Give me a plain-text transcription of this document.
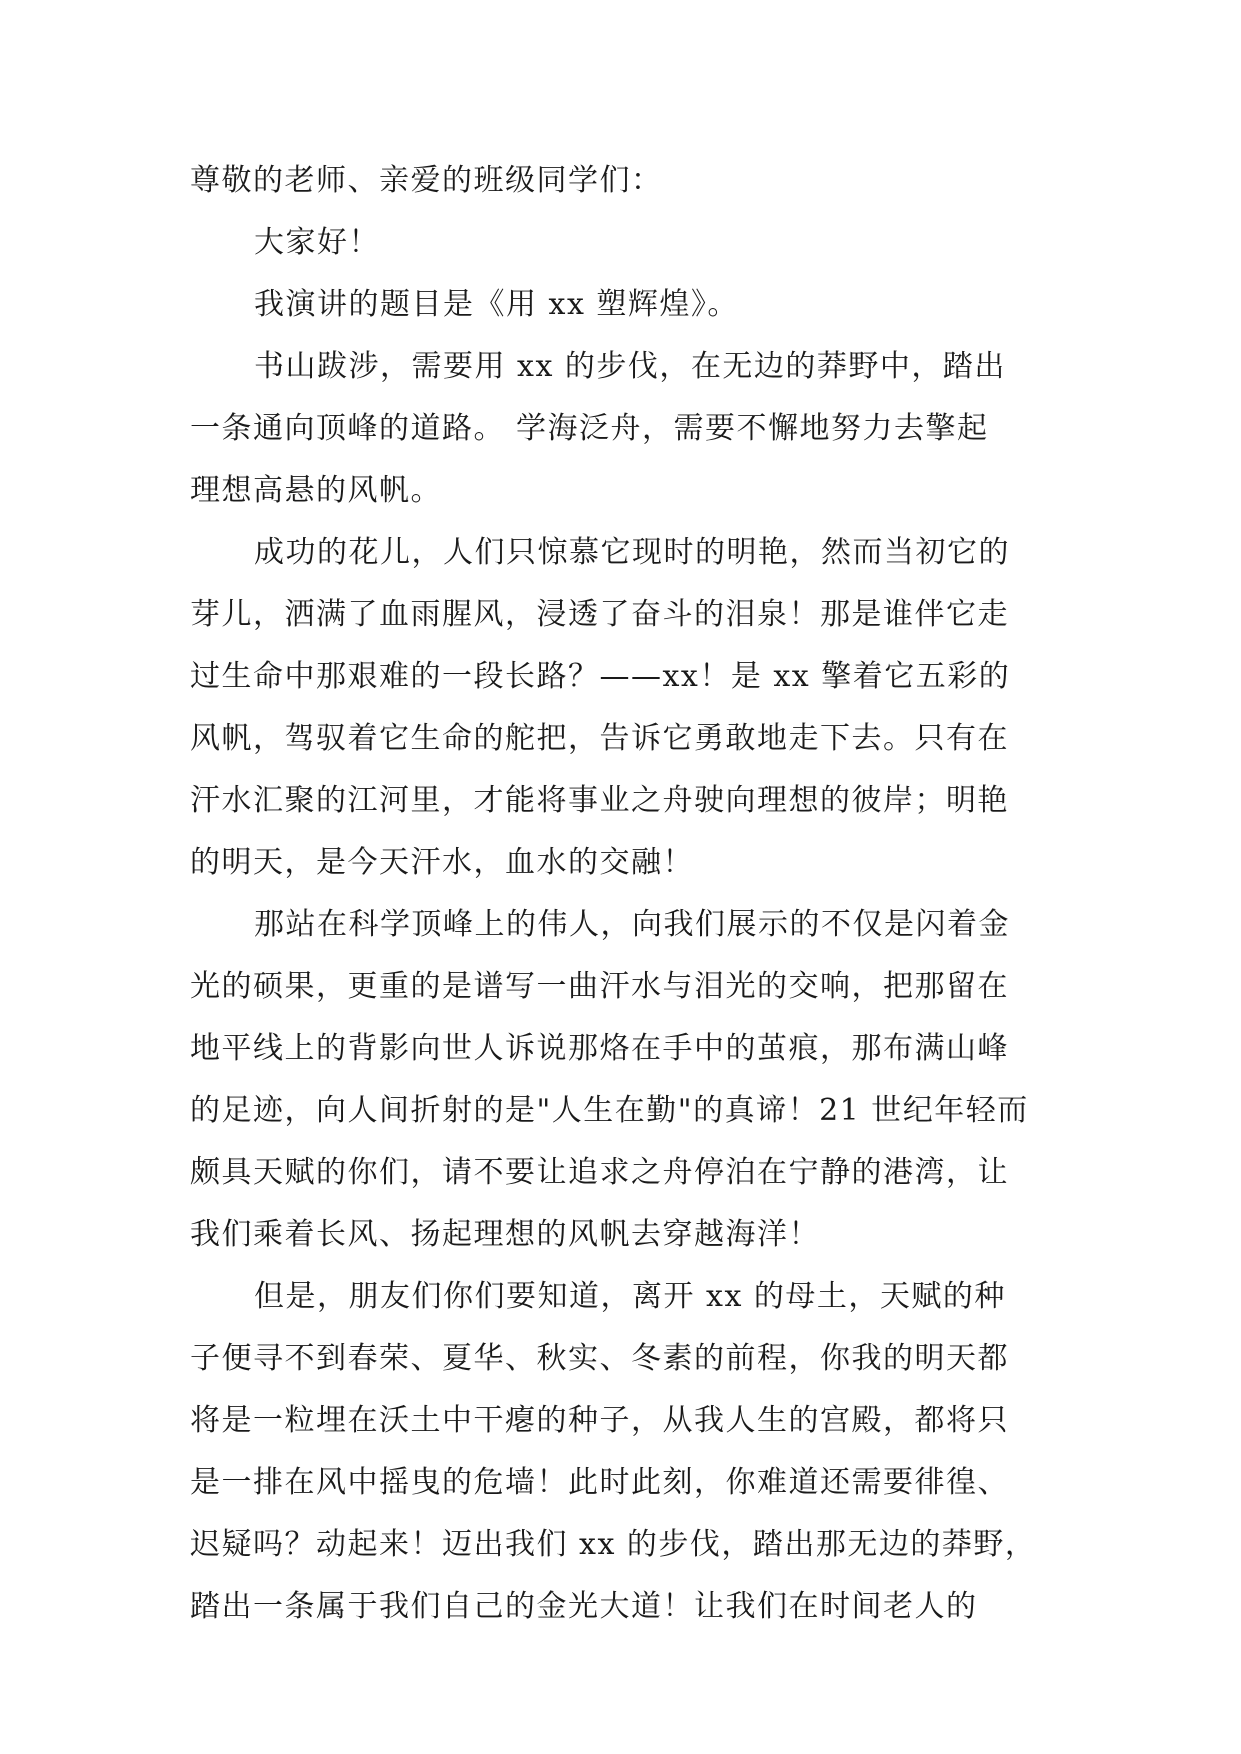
尊敬的老师、亲爱的班级同学们：
大家好！
我演讲的题目是《用 xx 塑辉煌》。
书山跋涉，需要用 xx 的步伐，在无边的莽野中，踏出
一条通向顶峰的道路。 学海泛舟，需要不懈地努力去擎起
理想高悬的风帆。
成功的花儿，人们只惊慕它现时的明艳，然而当初它的
芽儿，洒满了血雨腥风，浸透了奋斗的泪泉！那是谁伴它走
过生命中那艰难的一段长路？——xx！是 xx 擎着它五彩的
风帆，驾驭着它生命的舵把，告诉它勇敢地走下去。只有在
汗水汇聚的江河里，才能将事业之舟驶向理想的彼岸；明艳
的明天，是今天汗水，血水的交融！
那站在科学顶峰上的伟人，向我们展示的不仅是闪着金
光的硕果，更重的是谱写一曲汗水与泪光的交响，把那留在
地平线上的背影向世人诉说那烙在手中的茧痕，那布满山峰
的足迹，向人间折射的是"人生在勤"的真谛！21 世纪年轻而
颇具天赋的你们，请不要让追求之舟停泊在宁静的港湾，让
我们乘着长风、扬起理想的风帆去穿越海洋！
但是，朋友们你们要知道，离开 xx 的母土，天赋的种
子便寻不到春荣、夏华、秋实、冬素的前程，你我的明天都
将是一粒埋在沃土中干瘪的种子，从我人生的宫殿，都将只
是一排在风中摇曳的危墙！此时此刻，你难道还需要徘徨、
迟疑吗？动起来！迈出我们 xx 的步伐，踏出那无边的莽野，
踏出一条属于我们自己的金光大道！让我们在时间老人的
